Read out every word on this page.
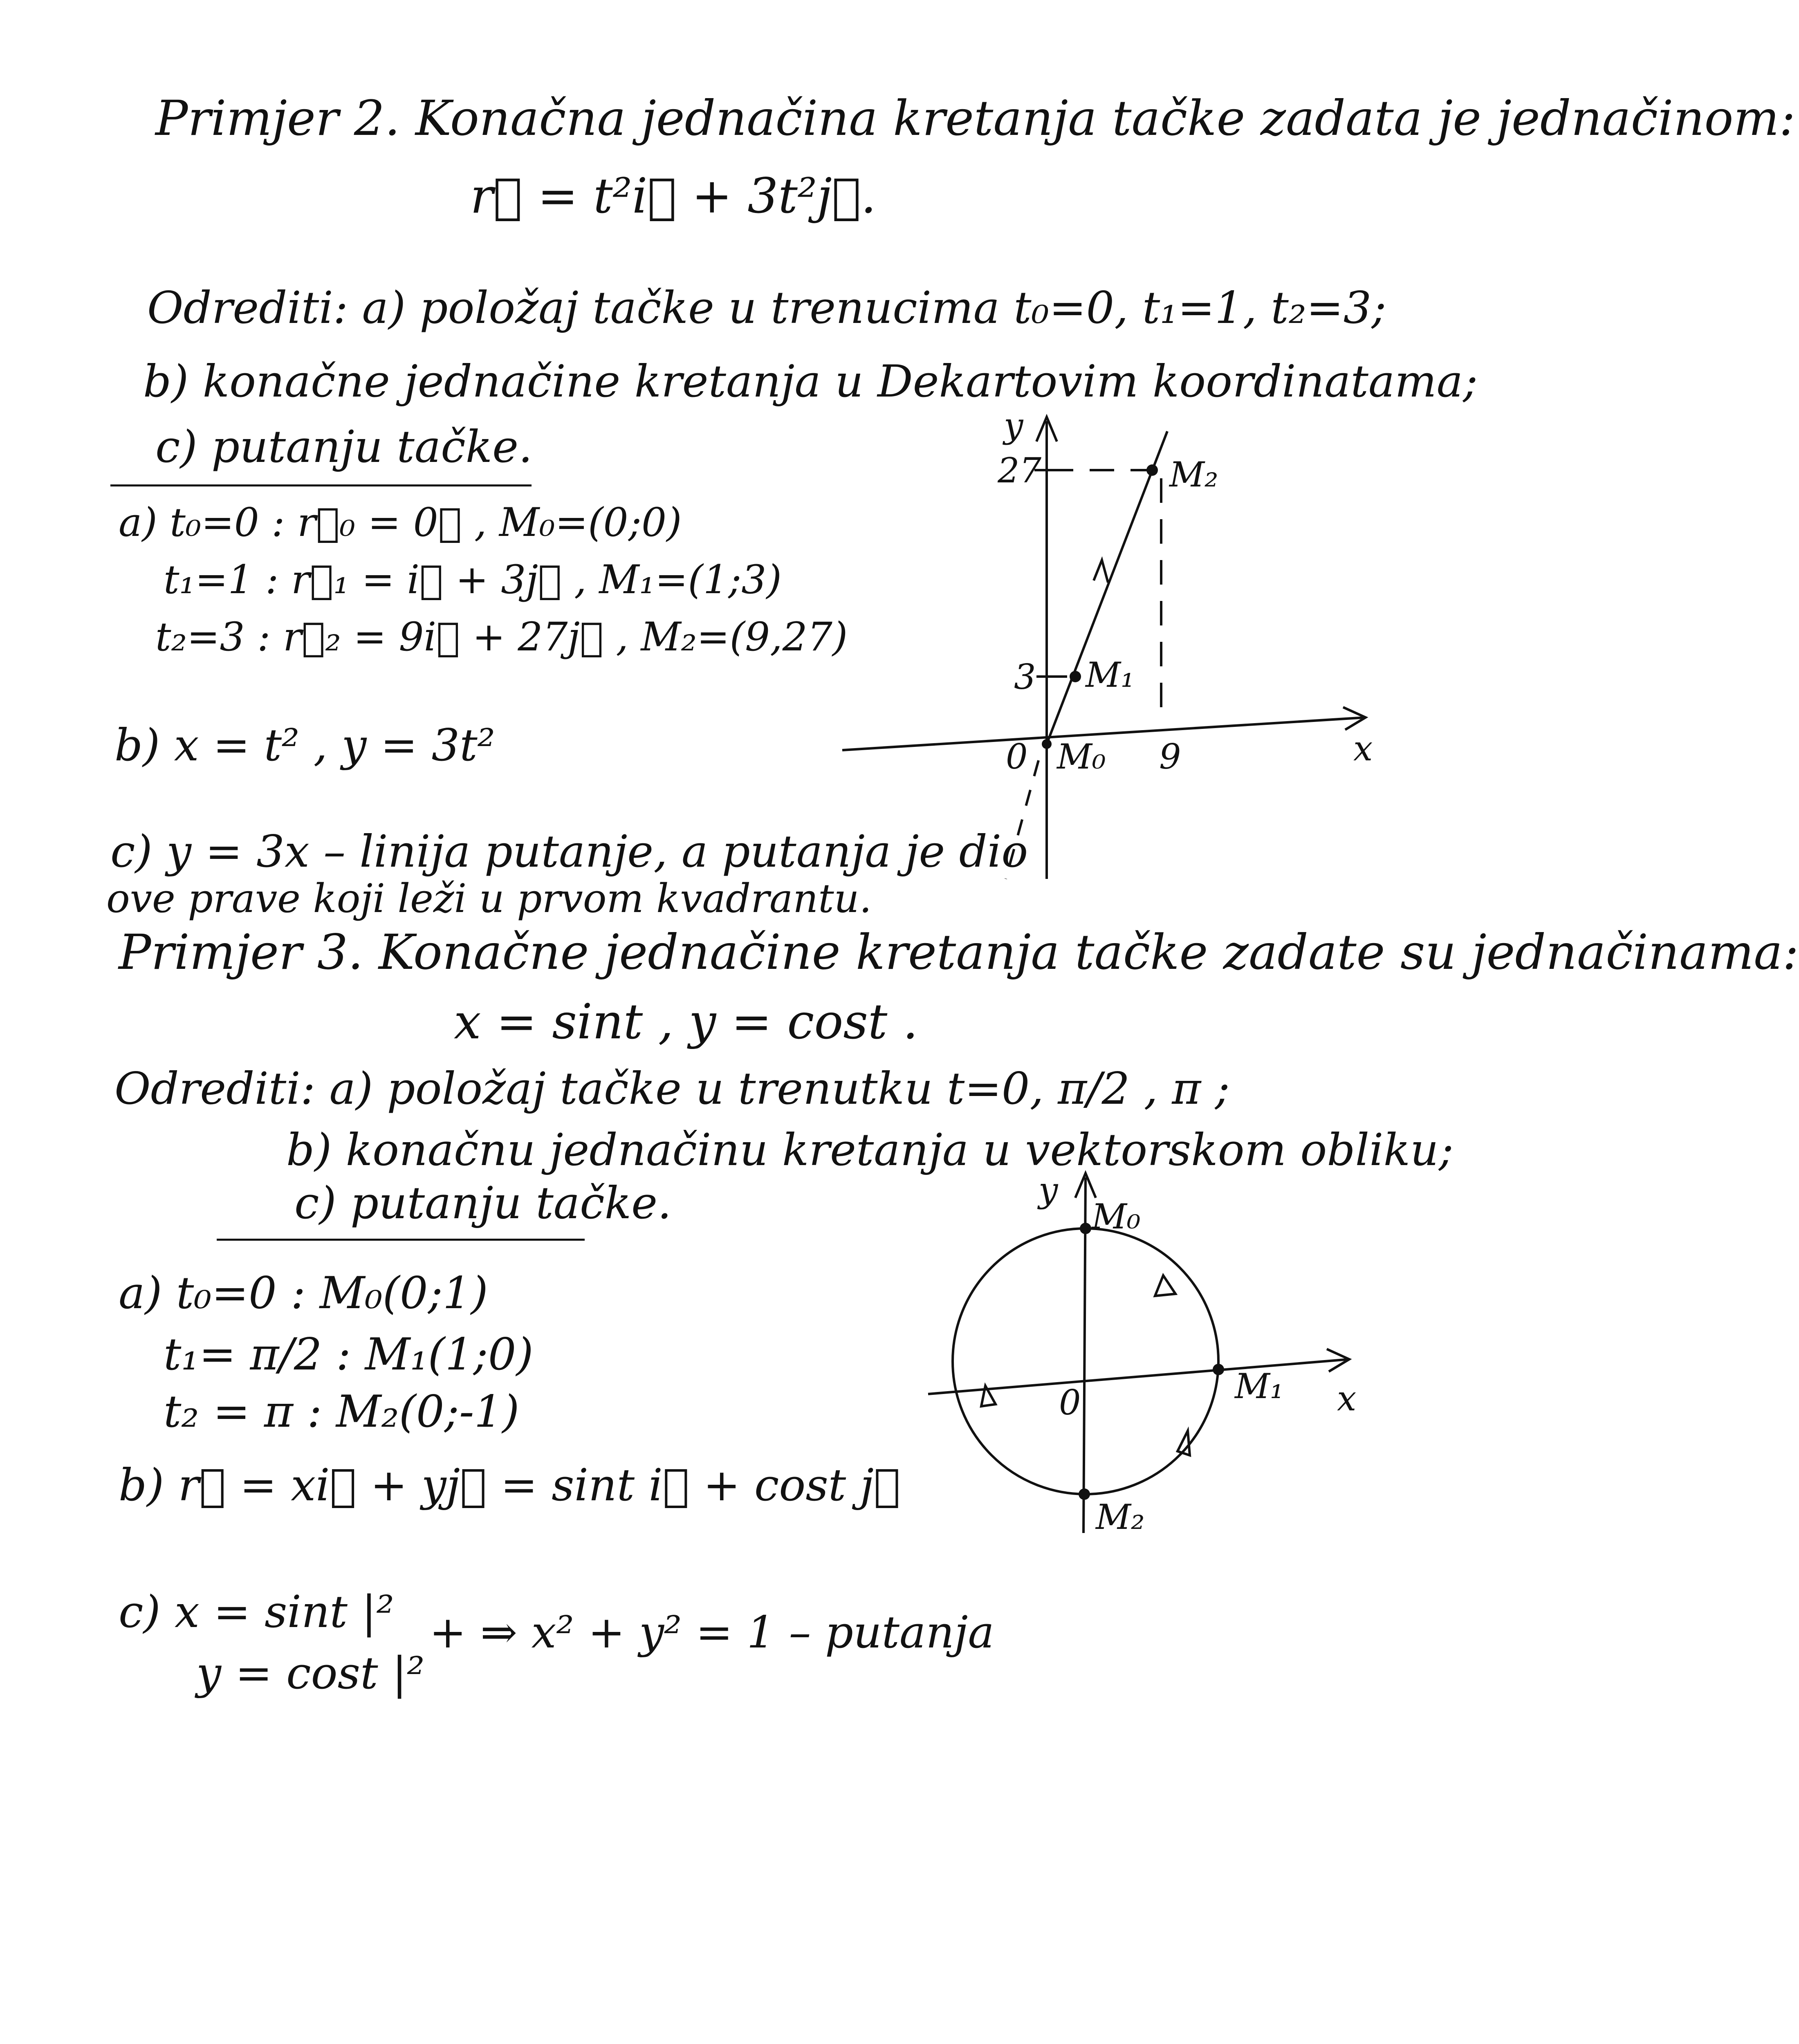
Primjer 2. Konačna jednačina kretanja tačke zadata je jednačinom:
r⃗ = t²i⃗ + 3t²j⃗.
Odrediti: a) položaj tačke u trenucima t₀=0, t₁=1, t₂=3;
b) konačne jednačine kretanja u Dekartovim koordinatama;
c) putanju tačke.
a) t₀=0 : r⃗₀ = 0⃗ , M₀=(0;0)
t₁=1 : r⃗₁ = i⃗ + 3j⃗ , M₁=(1;3)
t₂=3 : r⃗₂ = 9i⃗ + 27j⃗ , M₂=(9,27)
b) x = t² , y = 3t²
c) y = 3x – linija putanje, a putanja je dio
ove prave koji leži u prvom kvadrantu.
y
x
27
3
9
0 M₀
M₁
M₂
Primjer 3. Konačne jednačine kretanja tačke zadate su jednačinama:
x = sint , y = cost .
Odrediti: a) položaj tačke u trenutku t=0, π/2 , π ;
b) konačnu jednačinu kretanja u vektorskom obliku;
c) putanju tačke.
a) t₀=0 : M₀(0;1)
t₁= π/2 : M₁(1;0)
t₂ = π : M₂(0;-1)
b) r⃗ = xi⃗ + yj⃗ = sint i⃗ + cost j⃗
c) x = sint |²
y = cost |²
+ ⇒ x² + y² = 1 – putanja
y
x
0
M₀
M₁
M₂
